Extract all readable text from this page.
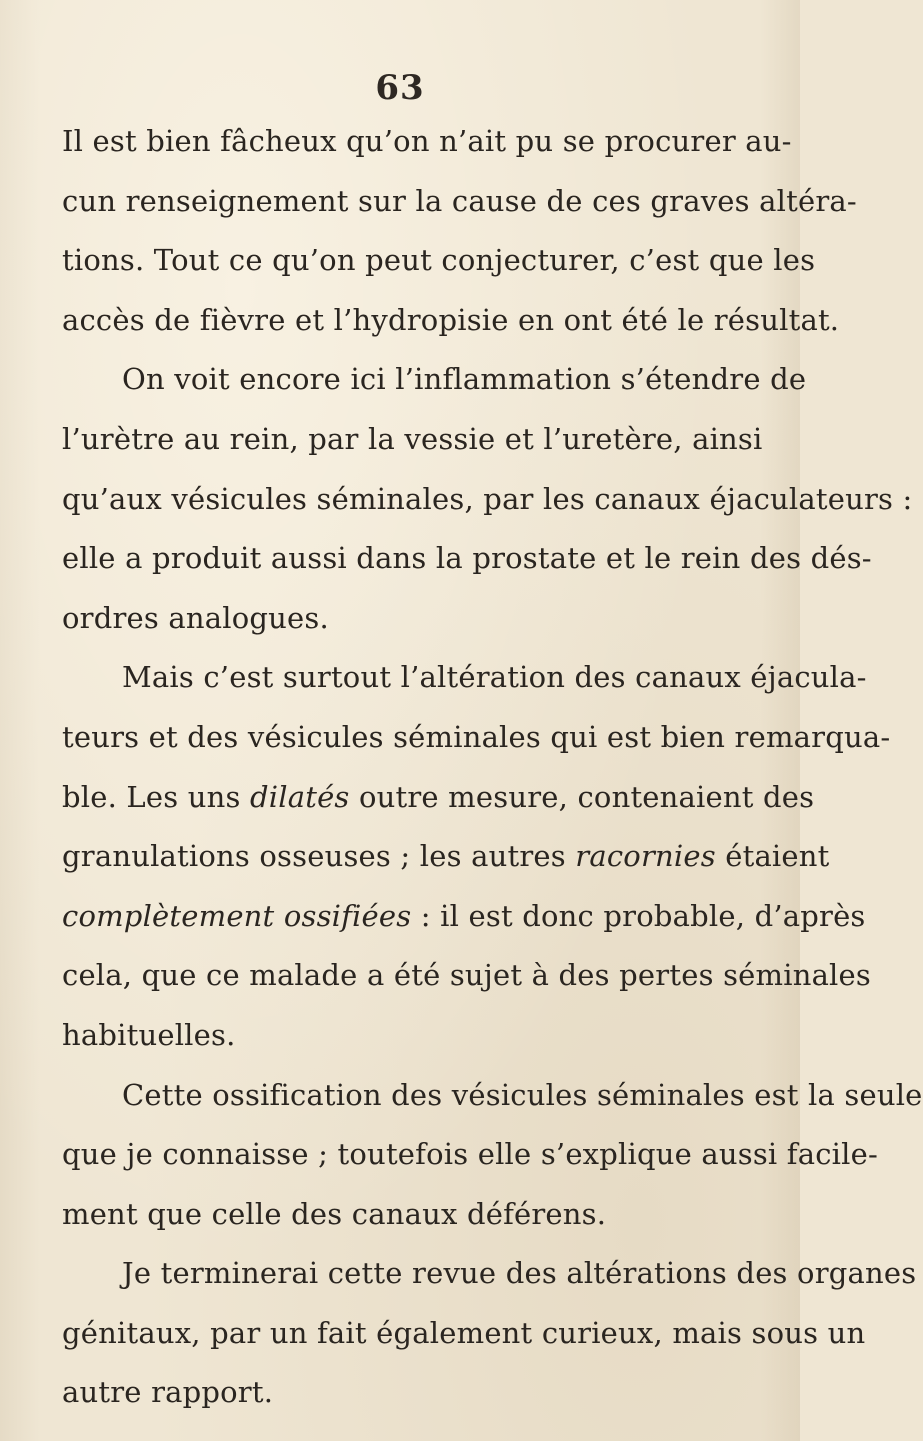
63
Il est bien fâcheux qu’on n’ait pu se procurer au-
cun renseignement sur la cause de ces graves altéra-
tions. Tout ce qu’on peut conjecturer, c’est que les
accès de fièvre et l’hydropisie en ont été le résultat.
On voit encore ici l’inflammation s’étendre de
l’urètre au rein, par la vessie et l’uretère, ainsi
qu’aux vésicules séminales, par les canaux éjaculateurs :
elle a produit aussi dans la prostate et le rein des dés-
ordres analogues.
Mais c’est surtout l’altération des canaux éjacula-
teurs et des vésicules séminales qui est bien remarqua-
ble. Les uns dilatés outre mesure, contenaient des
granulations osseuses ; les autres racornies étaient
complètement ossifiées : il est donc probable, d’après
cela, que ce malade a été sujet à des pertes séminales
habituelles.
Cette ossification des vésicules séminales est la seule
que je connaisse ; toutefois elle s’explique aussi facile-
ment que celle des canaux déférens.
Je terminerai cette revue des altérations des organes
génitaux, par un fait également curieux, mais sous un
autre rapport.
